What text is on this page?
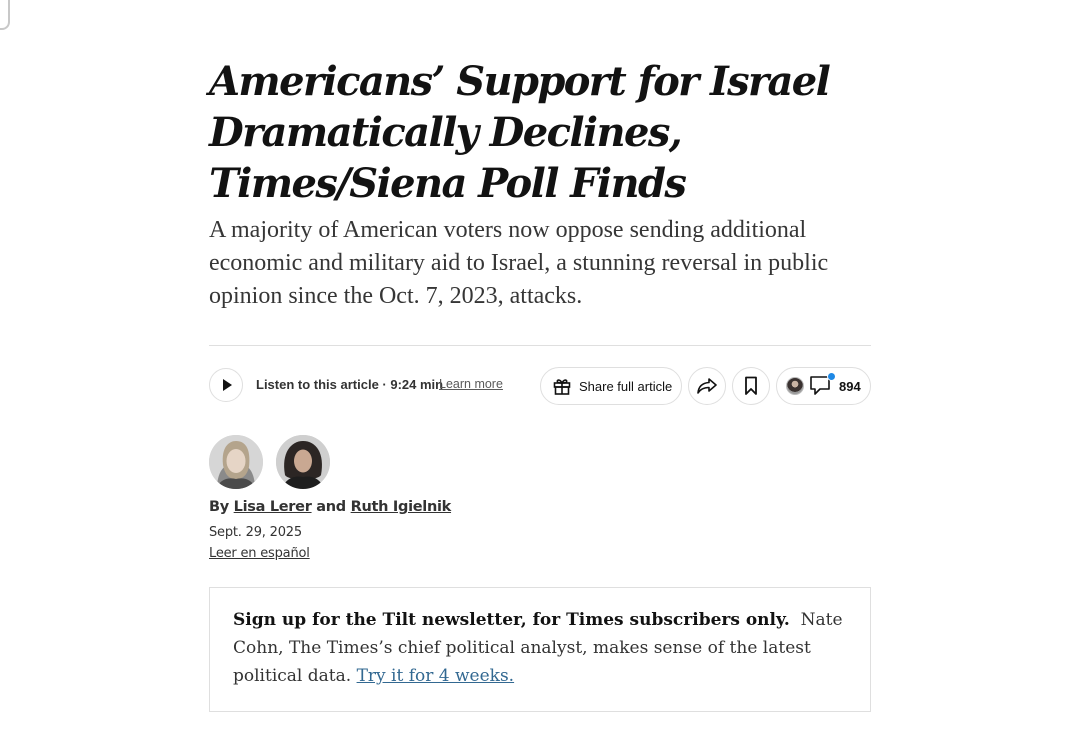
Americans’ Support for Israel Dramatically Declines, Times/Siena Poll Finds

A majority of American voters now oppose sending additional economic and military aid to Israel, a stunning reversal in public opinion since the Oct. 7, 2023, attacks.

Listen to this article · 9:24 min
Learn more	Share full article	894
By Lisa Lerer and Ruth Igielnik
Sept. 29, 2025
Leer en español
Sign up for the Tilt newsletter, for Times subscribers only. Nate Cohn, The Times’s chief political analyst, makes sense of the latest political data. Try it for 4 weeks.
